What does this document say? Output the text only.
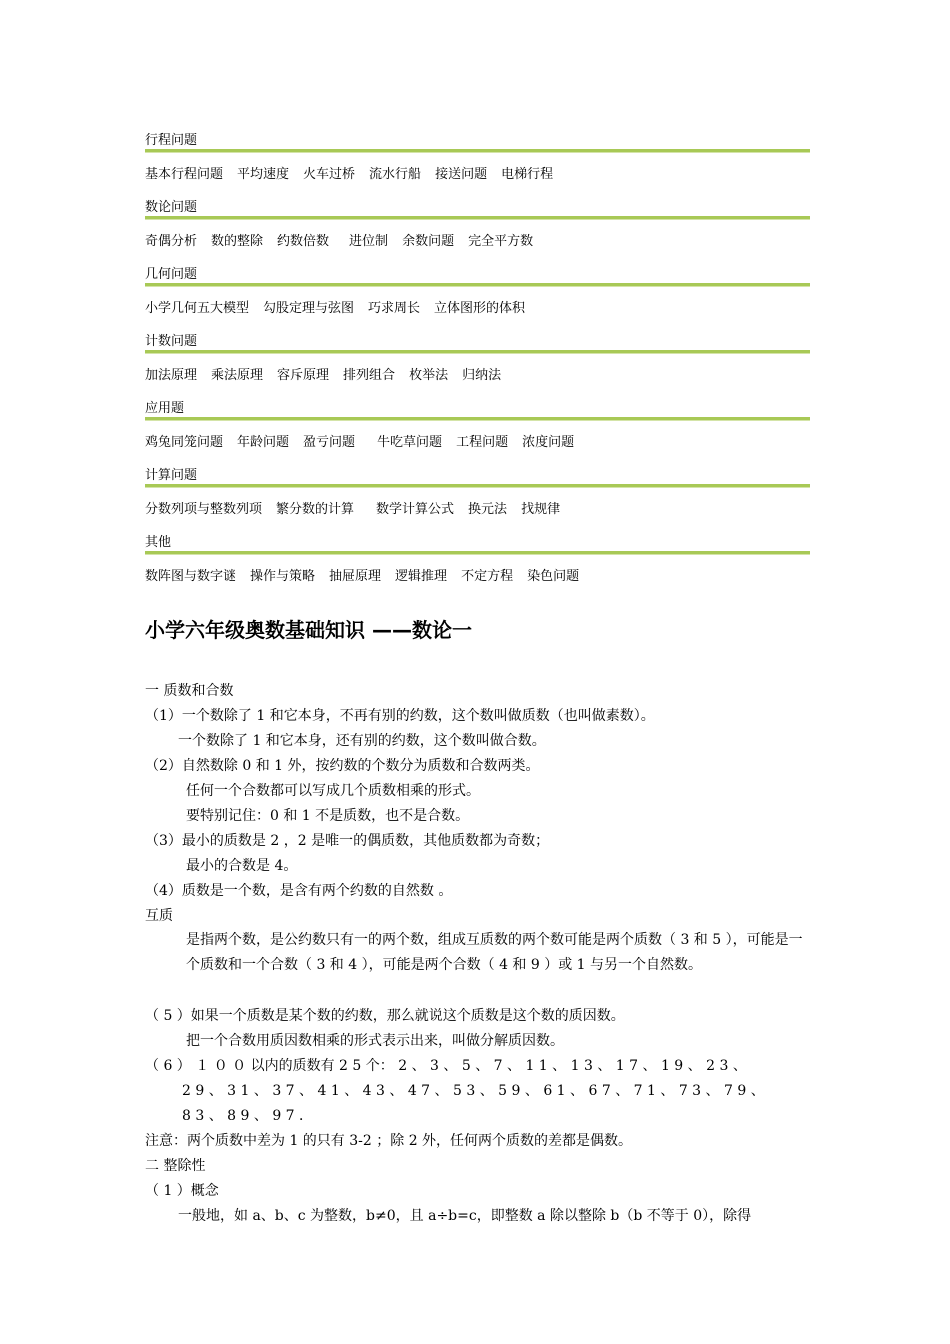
行程问题
基本行程问题 平均速度 火车过桥 流水行船 接送问题 电梯行程
数论问题
奇偶分析 数的整除 约数倍数 进位制 余数问题 完全平方数
几何问题
小学几何五大模型 勾股定理与弦图 巧求周长 立体图形的体积
计数问题
加法原理 乘法原理 容斥原理 排列组合 枚举法 归纳法
应用题
鸡兔同笼问题 年龄问题 盈亏问题 牛吃草问题 工程问题 浓度问题
计算问题
分数列项与整数列项 繁分数的计算 数学计算公式 换元法 找规律
其他
数阵图与数字谜 操作与策略 抽屉原理 逻辑推理 不定方程 染色问题
小学六年级奥数基础知识 ——数论一
一 质数和合数
（1）一个数除了 1 和它本身，不再有别的约数，这个数叫做质数（也叫做素数）。
一个数除了 1 和它本身，还有别的约数，这个数叫做合数。
（2）自然数除 0 和 1 外，按约数的个数分为质数和合数两类。
任何一个合数都可以写成几个质数相乘的形式。
要特别记住：0 和 1 不是质数，也不是合数。
（3）最小的质数是 2 ，2 是唯一的偶质数，其他质数都为奇数；
最小的合数是 4。
（4）质数是一个数，是含有两个约数的自然数 。
互质
是指两个数，是公约数只有一的两个数，组成互质数的两个数可能是两个质数（ 3 和 5 ），可能是一个质数和一个合数（ 3 和 4 ），可能是两个合数（ 4 和 9 ）或 1 与另一个自然数。
（ 5 ）如果一个质数是某个数的约数，那么就说这个质数是这个数的质因数。
把一个合数用质因数相乘的形式表示出来，叫做分解质因数。
（ 6 ） １ ０ ０ 以内的质数有 2 5 个： 2 、 3 、 5 、 7 、 1 1 、 1 3 、 1 7 、 1 9 、 2 3 、
2 9 、 3 1 、 3 7 、 4 1 、 4 3 、 4 7 、 5 3 、 5 9 、 6 1 、 6 7 、 7 1 、 7 3 、 7 9 、
8 3 、 8 9 、 9 7 ．
注意：两个质数中差为 1 的只有 3-2 ；除 2 外，任何两个质数的差都是偶数。
二 整除性
（ 1 ）概念
一般地，如 a、b、c 为整数，b≠0，且 a÷b=c，即整数 a 除以整除 b（b 不等于 0），除得
